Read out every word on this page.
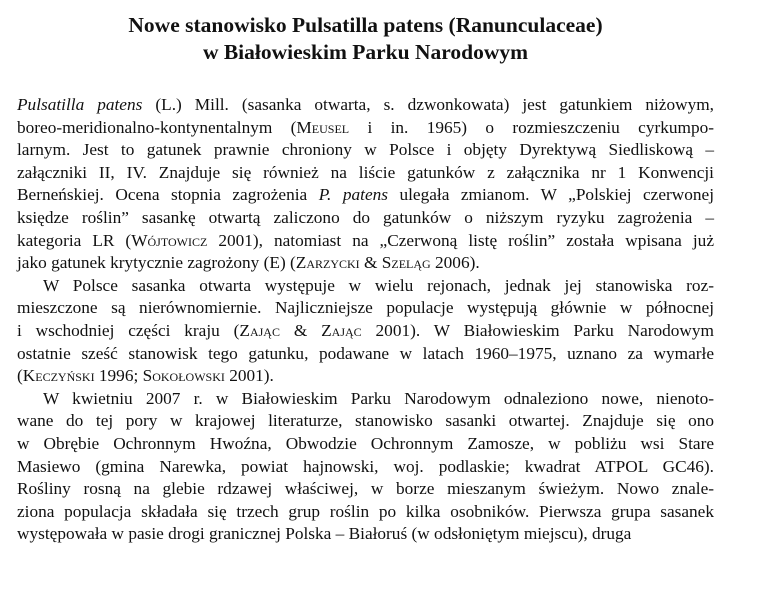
Nowe stanowisko Pulsatilla patens (Ranunculaceae)
w Białowieskim Parku Narodowym
Pulsatilla patens (L.) Mill. (sasanka otwarta, s. dzwonkowata) jest gatunkiem niżowym,
boreo-meridionalno-kontynentalnym (Meusel i in. 1965) o rozmieszczeniu cyrkumpo-
larnym. Jest to gatunek prawnie chroniony w Polsce i objęty Dyrektywą Siedliskową –
załączniki II, IV. Znajduje się również na liście gatunków z załącznika nr 1 Konwencji
Berneńskiej. Ocena stopnia zagrożenia P. patens ulegała zmianom. W „Polskiej czerwonej
księdze roślin” sasankę otwartą zaliczono do gatunków o niższym ryzyku zagrożenia –
kategoria LR (Wójtowicz 2001), natomiast na „Czerwoną listę roślin” została wpisana już
jako gatunek krytycznie zagrożony (E) (Zarzycki & Szeląg 2006).
W Polsce sasanka otwarta występuje w wielu rejonach, jednak jej stanowiska roz-
mieszczone są nierównomiernie. Najliczniejsze populacje występują głównie w północnej
i wschodniej części kraju (Zając & Zając 2001). W Białowieskim Parku Narodowym
ostatnie sześć stanowisk tego gatunku, podawane w latach 1960–1975, uznano za wymarłe
(Keczyński 1996; Sokołowski 2001).
W kwietniu 2007 r. w Białowieskim Parku Narodowym odnaleziono nowe, nienoto-
wane do tej pory w krajowej literaturze, stanowisko sasanki otwartej. Znajduje się ono
w Obrębie Ochronnym Hwoźna, Obwodzie Ochronnym Zamosze, w pobliżu wsi Stare
Masiewo (gmina Narewka, powiat hajnowski, woj. podlaskie; kwadrat ATPOL GC46).
Rośliny rosną na glebie rdzawej właściwej, w borze mieszanym świeżym. Nowo znale-
ziona populacja składała się trzech grup roślin po kilka osobników. Pierwsza grupa sasanek
występowała w pasie drogi granicznej Polska – Białoruś (w odsłoniętym miejscu), druga
